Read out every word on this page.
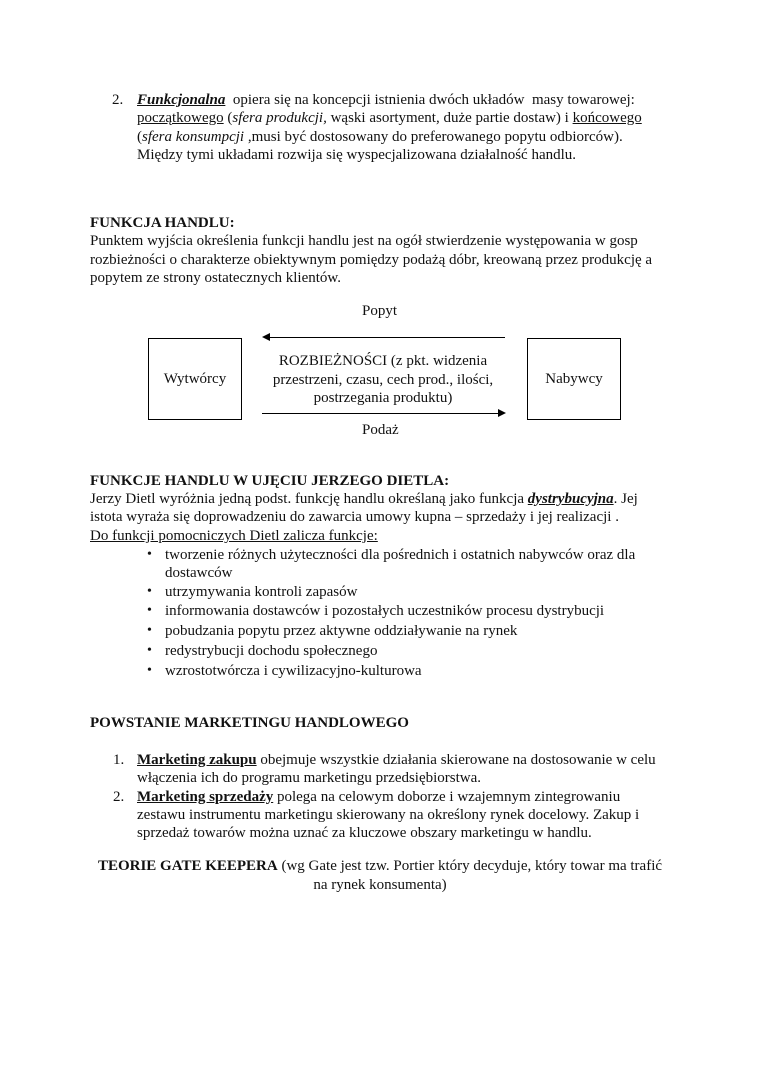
2. Funkcjonalna  opiera się na koncepcji istnienia dwóch układów  masy towarowej:
początkowego (sfera produkcji, wąski asortyment, duże partie dostaw) i końcowego
(sfera konsumpcji ,musi być dostosowany do preferowanego popytu odbiorców).
Między tymi układami rozwija się wyspecjalizowana działalność handlu.
FUNKCJA HANDLU:
Punktem wyjścia określenia funkcji handlu jest na ogół stwierdzenie występowania w gosp
rozbieżności o charakterze obiektywnym pomiędzy podażą dóbr, kreowaną przez produkcję a
popytem ze strony ostatecznych klientów.
Popyt
Wytwórcy	Nabywcy
ROZBIEŻNOŚCI (z pkt. widzenia
przestrzeni, czasu, cech prod., ilości,
postrzegania produktu)
Podaż
FUNKCJE HANDLU W UJĘCIU JERZEGO DIETLA:
Jerzy Dietl wyróżnia jedną podst. funkcję handlu określaną jako funkcja dystrybucyjna. Jej
istota wyraża się doprowadzeniu do zawarcia umowy kupna – sprzedaży i jej realizacji .
Do funkcji pomocniczych Dietl zalicza funkcje:
• tworzenie różnych użyteczności dla pośrednich i ostatnich nabywców oraz dla
dostawców
• utrzymywania kontroli zapasów
• informowania dostawców i pozostałych uczestników procesu dystrybucji
• pobudzania popytu przez aktywne oddziaływanie na rynek
• redystrybucji dochodu społecznego
• wzrostotwórcza i cywilizacyjno-kulturowa
POWSTANIE MARKETINGU HANDLOWEGO
1. Marketing zakupu obejmuje wszystkie działania skierowane na dostosowanie w celu
włączenia ich do programu marketingu przedsiębiorstwa.
2. Marketing sprzedaży polega na celowym doborze i wzajemnym zintegrowaniu
zestawu instrumentu marketingu skierowany na określony rynek docelowy. Zakup i
sprzedaż towarów można uznać za kluczowe obszary marketingu w handlu.
TEORIE GATE KEEPERA (wg Gate jest tzw. Portier który decyduje, który towar ma trafić
na rynek konsumenta)
